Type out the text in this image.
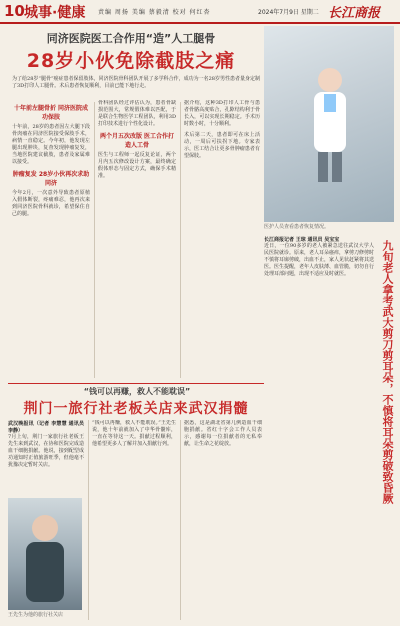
10 城事·健康 责编 周扬 美编 蔡毅清 校对 何红杏	2024年7月9日 星期二 长江商报
同济医院医工合作用“造”人工腿骨
28岁小伙免除截肢之痛
为了给28岁“腿骨”癌症患者保留肢体，同济医院骨科团队开展了多学科合作，成功为一名28岁男性患者量身定制了3D打印人工腿骨。术后患者恢复顺利，目前已能下地行走。
十年前左腿骨折 同济医院成功保肢
十年前，28岁的患者因左大腿下段骨肉瘤在同济医院接受保肢手术，病情一直稳定。今年初，他发现左腿出现肿块，复查发现肿瘤复发，当地医院建议截肢，患者及家属难以接受。
肿瘤复发 28岁小伙再次求助同济
今年2月，一次意外导致患者原植入假体断裂，疼痛难忍，他再次来到同济医院骨科就诊，希望保住自己的腿。
骨科团队经过评估认为，患者骨缺损范围大，常规假体难以匹配，于是联合生物医学工程团队，利用3D打印技术进行个性化设计。
两个月五次改版 医工合作打造人工骨
医生与工程师一起反复论证，两个月内五次修改设计方案，最终确定假体形态与固定方式，确保手术精准。
据介绍，这种3D打印人工骨与患者骨骼高度贴合，孔隙结构利于骨长入，可以实现长期稳定。手术历时数小时，十分顺利。
术后第二天，患者即可在床上活动，一周后可扶拐下地。专家表示，医工结合让更多骨肿瘤患者有望保肢。
医护人员查看患者恢复情况。
长江商报记者 王琼 通讯员 吴宝宝
近日，一位90多岁的老人被紧急送往武汉大学人民医院就诊。原来，老人耳朵瘙痒，拿剪刀修剪时不慎将耳廓剪破，出血不止，家人见状赶紧将其送医。医生提醒，老年人皮肤薄、血管脆，切勿自行处理耳部问题，出现不适应及时就医。	九旬老人拿考武大剪刀剪耳朵，不慎将耳朵剪破致昏厥
“钱可以再赚，救人不能耽误”
荆门一旅行社老板关店来武汉捐髓
武汉晚报讯（记者 李慧慧 通讯员 李静）
7月上旬，荆门一家旅行社老板王先生来到武汉，在协和医院完成造血干细胞捐献。他说，接到配型成功通知时正值旅游旺季，但他毫不犹豫决定暂时关店。
王先生为他的旅行社关店
“钱可以再赚，救人不能耽误。”王先生说，他十年前就加入了中华骨髓库，一直在等待这一天。捐献过程顺利，他希望更多人了解并加入捐献行列。
据悉，这是湖北省第几例造血干细胞捐献。省红十字会工作人员表示，感谢每一位捐献者的无私奉献，让生命之花绽放。
